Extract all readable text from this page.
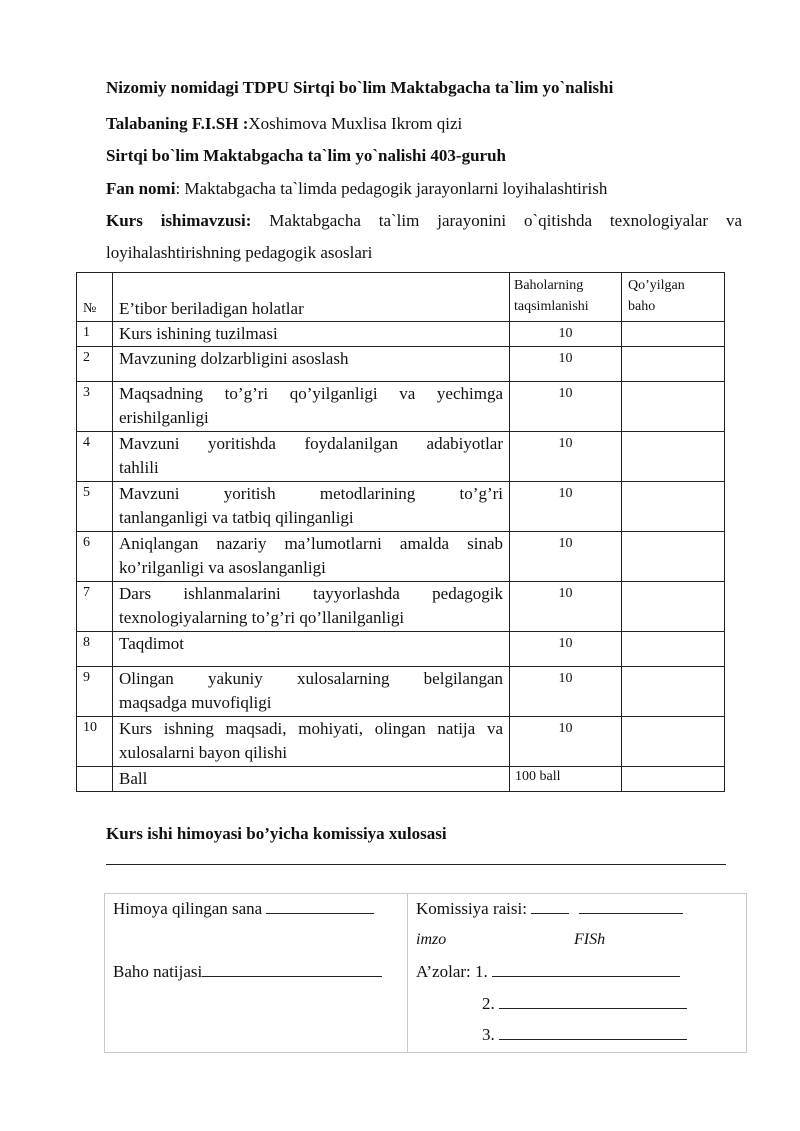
Nizomiy nomidagi TDPU Sirtqi bo`lim Maktabgacha ta`lim yo`nalishi
Talabaning F.I.SH :Xoshimova Muxlisa Ikrom qizi
Sirtqi bo`lim Maktabgacha ta`lim yo`nalishi 403-guruh
Fan nomi: Maktabgacha ta`limda pedagogik jarayonlarni loyihalashtirish
Kurs ishimavzusi: Maktabgacha ta`lim jarayonini o`qitishda texnologiyalar va
loyihalashtirishning pedagogik asoslari
№	E’tibor beriladigan holatlar	Baholarning
taqsimlanishi	Qo’yilgan
baho
1	Kurs ishining tuzilmasi	10	
2	Mavzuning dolzarbligini asoslash	10	
3	Maqsadning to’g’ri qo’yilganligi va yechimga
erishilganligi	10	
4	Mavzuni yoritishda foydalanilgan adabiyotlar
tahlili	10	
5	Mavzuni yoritish metodlarining to’g’ri
tanlanganligi va tatbiq qilinganligi	10	
6	Aniqlangan nazariy ma’lumotlarni amalda sinab
ko’rilganligi va asoslanganligi	10	
7	Dars ishlanmalarini tayyorlashda pedagogik
texnologiyalarning to’g’ri qo’llanilganligi	10	
8	Taqdimot	10	
9	Olingan yakuniy xulosalarning belgilangan
maqsadga muvofiqligi	10	
10	Kurs ishning maqsadi, mohiyati, olingan natija va
xulosalarni bayon qilishi	10	
	Ball	100 ball	
Kurs ishi himoyasi bo’yicha komissiya xulosasi
Himoya qilingan sana
Baho natijasi

Komissiya raisi:
imzo	FISh
A’zolar: 1.
2.
3.
